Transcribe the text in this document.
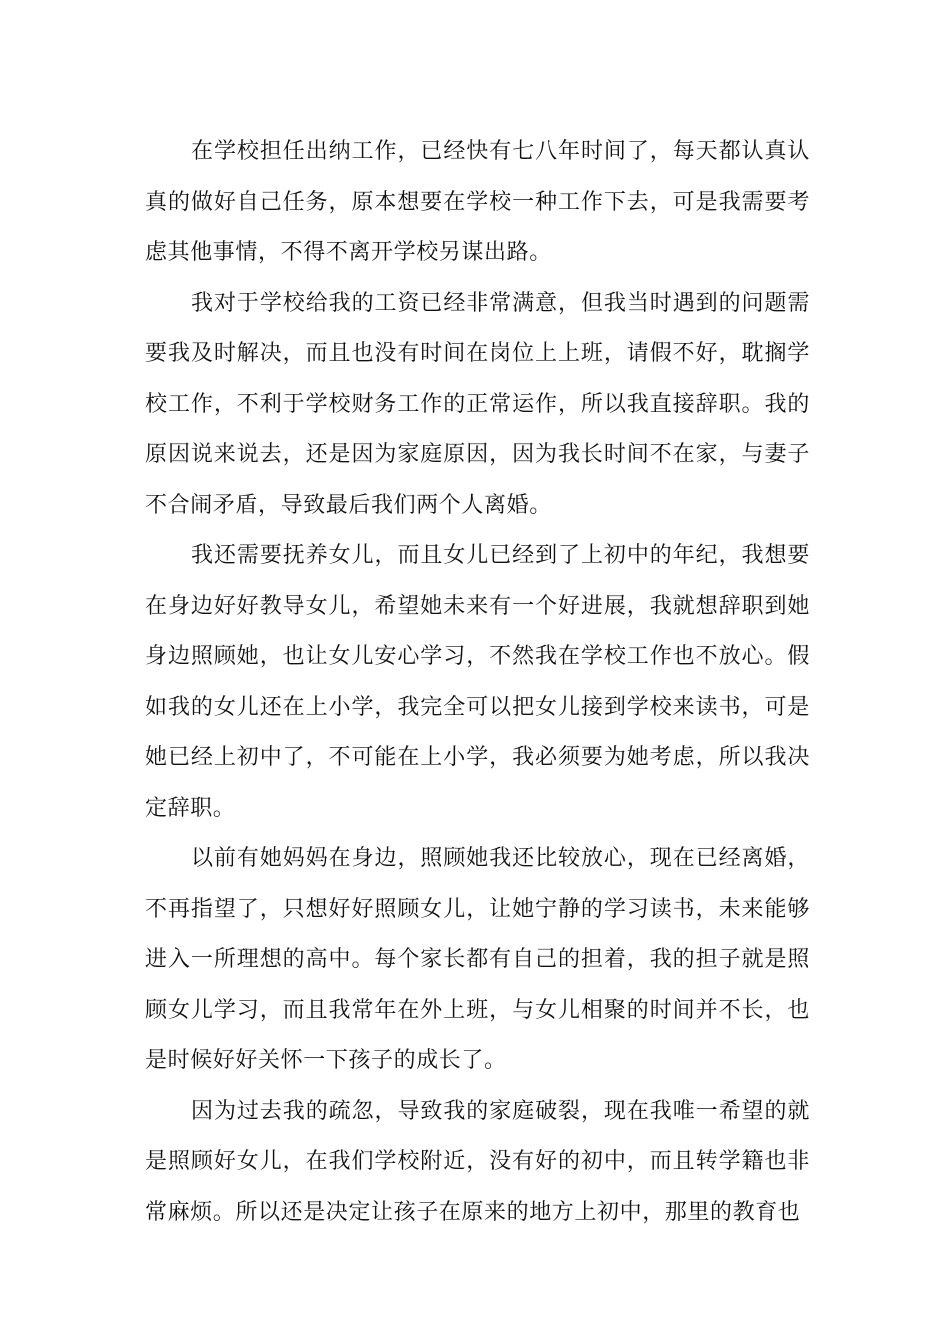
在学校担任出纳工作，已经快有七八年时间了，每天都认真认真的做好自己任务，原本想要在学校一种工作下去，可是我需要考虑其他事情，不得不离开学校另谋出路。

我对于学校给我的工资已经非常满意，但我当时遇到的问题需要我及时解决，而且也没有时间在岗位上上班，请假不好，耽搁学校工作，不利于学校财务工作的正常运作，所以我直接辞职。我的原因说来说去，还是因为家庭原因，因为我长时间不在家，与妻子不合闹矛盾，导致最后我们两个人离婚。

我还需要抚养女儿，而且女儿已经到了上初中的年纪，我想要在身边好好教导女儿，希望她未来有一个好进展，我就想辞职到她身边照顾她，也让女儿安心学习，不然我在学校工作也不放心。假如我的女儿还在上小学，我完全可以把女儿接到学校来读书，可是她已经上初中了，不可能在上小学，我必须要为她考虑，所以我决定辞职。

以前有她妈妈在身边，照顾她我还比较放心，现在已经离婚，不再指望了，只想好好照顾女儿，让她宁静的学习读书，未来能够进入一所理想的高中。每个家长都有自己的担着，我的担子就是照顾女儿学习，而且我常年在外上班，与女儿相聚的时间并不长，也是时候好好关怀一下孩子的成长了。

因为过去我的疏忽，导致我的家庭破裂，现在我唯一希望的就是照顾好女儿，在我们学校附近，没有好的初中，而且转学籍也非常麻烦。所以还是决定让孩子在原来的地方上初中，那里的教育也
